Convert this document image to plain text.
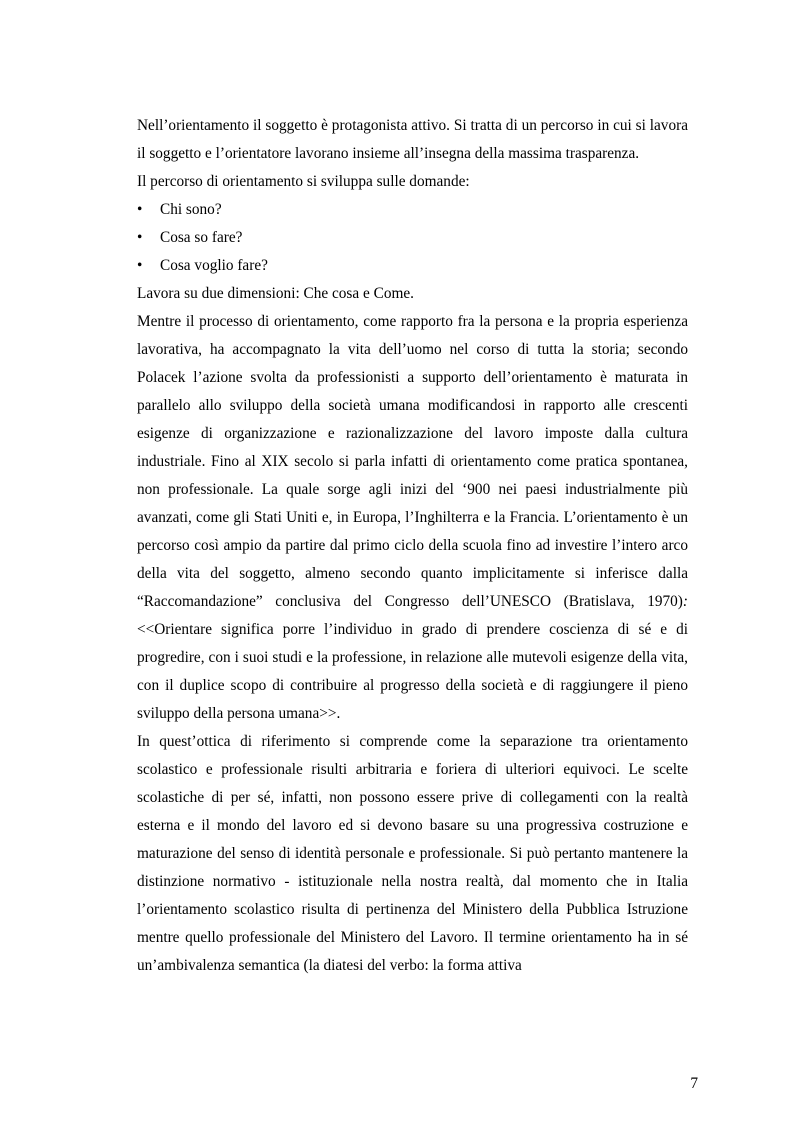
Nell’orientamento il soggetto è protagonista attivo. Si tratta di un percorso in cui si lavora il soggetto e l’orientatore lavorano insieme all’insegna della massima trasparenza.

Il percorso di orientamento si sviluppa sulle domande:

• Chi sono?
• Cosa so fare?
• Cosa voglio fare?

Lavora su due dimensioni: Che cosa e Come.

Mentre il processo di orientamento, come rapporto fra la persona e la propria esperienza lavorativa, ha accompagnato la vita dell’uomo nel corso di tutta la storia; secondo Polacek l’azione svolta da professionisti a supporto dell’orientamento è maturata in parallelo allo sviluppo della società umana modificandosi in rapporto alle crescenti esigenze di organizzazione e razionalizzazione del lavoro imposte dalla cultura industriale. Fino al XIX secolo si parla infatti di orientamento come pratica spontanea, non professionale. La quale sorge agli inizi del ‘900 nei paesi industrialmente più avanzati, come gli Stati Uniti e, in Europa, l’Inghilterra e la Francia. L’orientamento è un percorso così ampio da partire dal primo ciclo della scuola fino ad investire l’intero arco della vita del soggetto, almeno secondo quanto implicitamente si inferisce dalla “Raccomandazione” conclusiva del Congresso dell’UNESCO (Bratislava, 1970): <<Orientare significa porre l’individuo in grado di prendere coscienza di sé e di progredire, con i suoi studi e la professione, in relazione alle mutevoli esigenze della vita, con il duplice scopo di contribuire al progresso della società e di raggiungere il pieno sviluppo della persona umana>>.

In quest’ottica di riferimento si comprende come la separazione tra orientamento scolastico e professionale risulti arbitraria e foriera di ulteriori equivoci. Le scelte scolastiche di per sé, infatti, non possono essere prive di collegamenti con la realtà esterna e il mondo del lavoro ed si devono basare su una progressiva costruzione e maturazione del senso di identità personale e professionale. Si può pertanto mantenere la distinzione normativo - istituzionale nella nostra realtà, dal momento che in Italia l’orientamento scolastico risulta di pertinenza del Ministero della Pubblica Istruzione mentre quello professionale del Ministero del Lavoro. Il termine orientamento ha in sé un’ambivalenza semantica (la diatesi del verbo: la forma attiva

7
